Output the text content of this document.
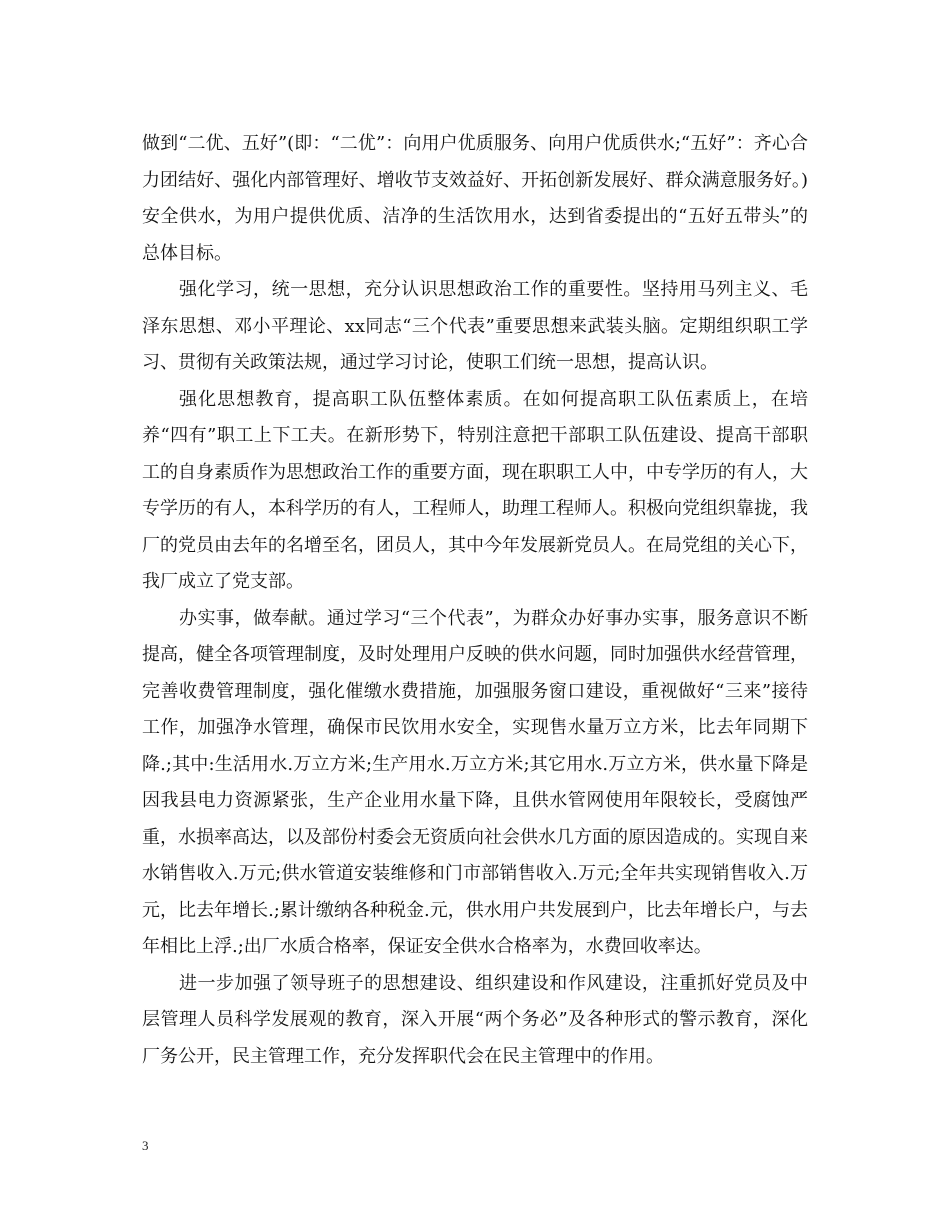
做到“二优、五好”(即：“二优”：向用户优质服务、向用户优质供水;“五好”：齐心合力团结好、强化内部管理好、增收节支效益好、开拓创新发展好、群众满意服务好。)安全供水，为用户提供优质、洁净的生活饮用水，达到省委提出的“五好五带头”的总体目标。

强化学习，统一思想，充分认识思想政治工作的重要性。坚持用马列主义、毛泽东思想、邓小平理论、xx同志“三个代表”重要思想来武装头脑。定期组织职工学习、贯彻有关政策法规，通过学习讨论，使职工们统一思想，提高认识。

强化思想教育，提高职工队伍整体素质。在如何提高职工队伍素质上，在培养“四有”职工上下工夫。在新形势下，特别注意把干部职工队伍建设、提高干部职工的自身素质作为思想政治工作的重要方面，现在职职工人中，中专学历的有人，大专学历的有人，本科学历的有人，工程师人，助理工程师人。积极向党组织靠拢，我厂的党员由去年的名增至名，团员人，其中今年发展新党员人。在局党组的关心下，我厂成立了党支部。

办实事，做奉献。通过学习“三个代表”，为群众办好事办实事，服务意识不断提高，健全各项管理制度，及时处理用户反映的供水问题，同时加强供水经营管理，完善收费管理制度，强化催缴水费措施，加强服务窗口建设，重视做好“三来”接待工作，加强净水管理，确保市民饮用水安全，实现售水量万立方米，比去年同期下降.;其中:生活用水.万立方米;生产用水.万立方米;其它用水.万立方米，供水量下降是因我县电力资源紧张，生产企业用水量下降，且供水管网使用年限较长，受腐蚀严重，水损率高达，以及部份村委会无资质向社会供水几方面的原因造成的。实现自来水销售收入.万元;供水管道安装维修和门市部销售收入.万元;全年共实现销售收入.万元，比去年增长.;累计缴纳各种税金.元，供水用户共发展到户，比去年增长户，与去年相比上浮.;出厂水质合格率，保证安全供水合格率为，水费回收率达。

进一步加强了领导班子的思想建设、组织建设和作风建设，注重抓好党员及中层管理人员科学发展观的教育，深入开展“两个务必”及各种形式的警示教育，深化厂务公开，民主管理工作，充分发挥职代会在民主管理中的作用。

3
